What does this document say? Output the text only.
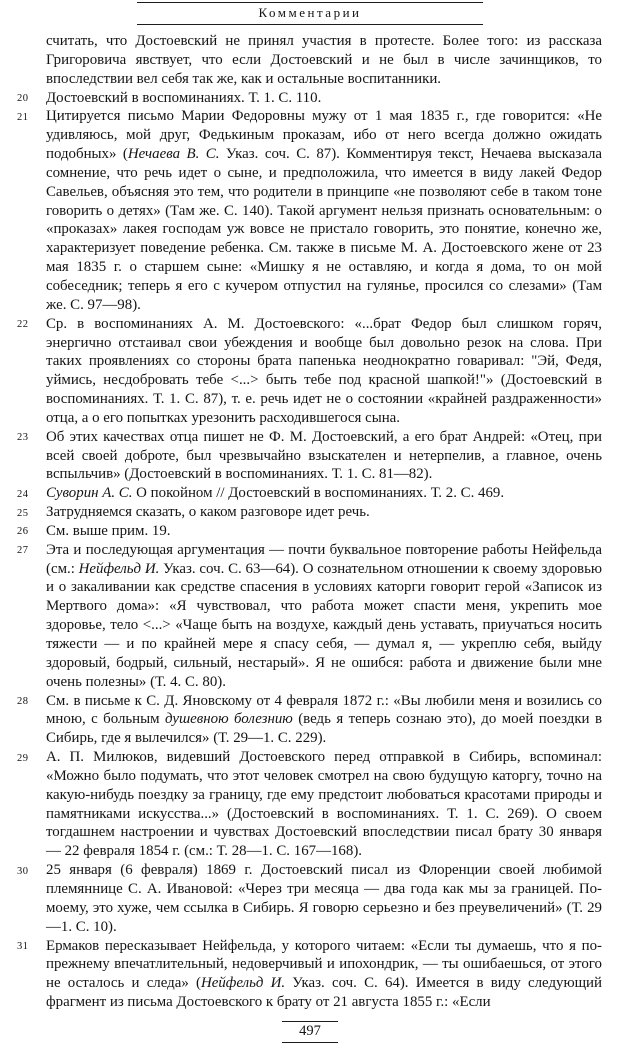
Комментарии

считать, что Достоевский не принял участия в протесте. Более того: из рассказа Григоровича явствует, что если Достоевский и не был в числе зачинщиков, то впоследствии вел себя так же, как и остальные воспитанники.

20 Достоевский в воспоминаниях. Т. 1. С. 110.
21 Цитируется письмо Марии Федоровны мужу от 1 мая 1835 г., где говорится: «Не удивляюсь, мой друг, Федькиным проказам, ибо от него всегда должно ожидать подобных» (Нечаева В. С. Указ. соч. С. 87). Комментируя текст, Нечаева высказала сомнение, что речь идет о сыне, и предположила, что имеется в виду лакей Федор Савельев, объясняя это тем, что родители в принципе «не позволяют себе в таком тоне говорить о детях» (Там же. С. 140). Такой аргумент нельзя признать основательным: о «проказах» лакея господам уж вовсе не пристало говорить, это понятие, конечно же, характеризует поведение ребенка. См. также в письме М. А. Достоевского жене от 23 мая 1835 г. о старшем сыне: «Мишку я не оставляю, и когда я дома, то он мой собеседник; теперь я его с кучером отпустил на гулянье, просился со слезами» (Там же. С. 97—98).
22 Ср. в воспоминаниях А. М. Достоевского: «...брат Федор был слишком горяч, энергично отстаивал свои убеждения и вообще был довольно резок на слова. При таких проявлениях со стороны брата папенька неоднократно говаривал: "Эй, Федя, уймись, несдобровать тебе <...> быть тебе под красной шапкой!"» (Достоевский в воспоминаниях. Т. 1. С. 87), т. е. речь идет не о состоянии «крайней раздраженности» отца, а о его попытках урезонить расходившегося сына.
23 Об этих качествах отца пишет не Ф. М. Достоевский, а его брат Андрей: «Отец, при всей своей доброте, был чрезвычайно взыскателен и нетерпелив, а главное, очень вспыльчив» (Достоевский в воспоминаниях. Т. 1. С. 81—82).
24 Суворин А. С. О покойном // Достоевский в воспоминаниях. Т. 2. С. 469.
25 Затрудняемся сказать, о каком разговоре идет речь.
26 См. выше прим. 19.
27 Эта и последующая аргументация — почти буквальное повторение работы Нейфельда (см.: Нейфельд И. Указ. соч. С. 63—64). О сознательном отношении к своему здоровью и о закаливании как средстве спасения в условиях каторги говорит герой «Записок из Мертвого дома»: «Я чувствовал, что работа может спасти меня, укрепить мое здоровье, тело <...> «Чаще быть на воздухе, каждый день уставать, приучаться носить тяжести — и по крайней мере я спасу себя, — думал я, — укреплю себя, выйду здоровый, бодрый, сильный, нестарый». Я не ошибся: работа и движение были мне очень полезны» (Т. 4. С. 80).
28 См. в письме к С. Д. Яновскому от 4 февраля 1872 г.: «Вы любили меня и возились со мною, с больным душевною болезнию (ведь я теперь сознаю это), до моей поездки в Сибирь, где я вылечился» (Т. 29—1. С. 229).
29 А. П. Милюков, видевший Достоевского перед отправкой в Сибирь, вспоминал: «Можно было подумать, что этот человек смотрел на свою будущую каторгу, точно на какую-нибудь поездку за границу, где ему предстоит любоваться красотами природы и памятниками искусства...» (Достоевский в воспоминаниях. Т. 1. С. 269). О своем тогдашнем настроении и чувствах Достоевский впоследствии писал брату 30 января — 22 февраля 1854 г. (см.: Т. 28—1. С. 167—168).
30 25 января (6 февраля) 1869 г. Достоевский писал из Флоренции своей любимой племяннице С. А. Ивановой: «Через три месяца — два года как мы за границей. По-моему, это хуже, чем ссылка в Сибирь. Я говорю серьезно и без преувеличений» (Т. 29—1. С. 10).
31 Ермаков пересказывает Нейфельда, у которого читаем: «Если ты думаешь, что я по-прежнему впечатлительный, недоверчивый и ипохондрик, — ты ошибаешься, от этого не осталось и следа» (Нейфельд И. Указ. соч. С. 64). Имеется в виду следующий фрагмент из письма Достоевского к брату от 21 августа 1855 г.: «Если
497
